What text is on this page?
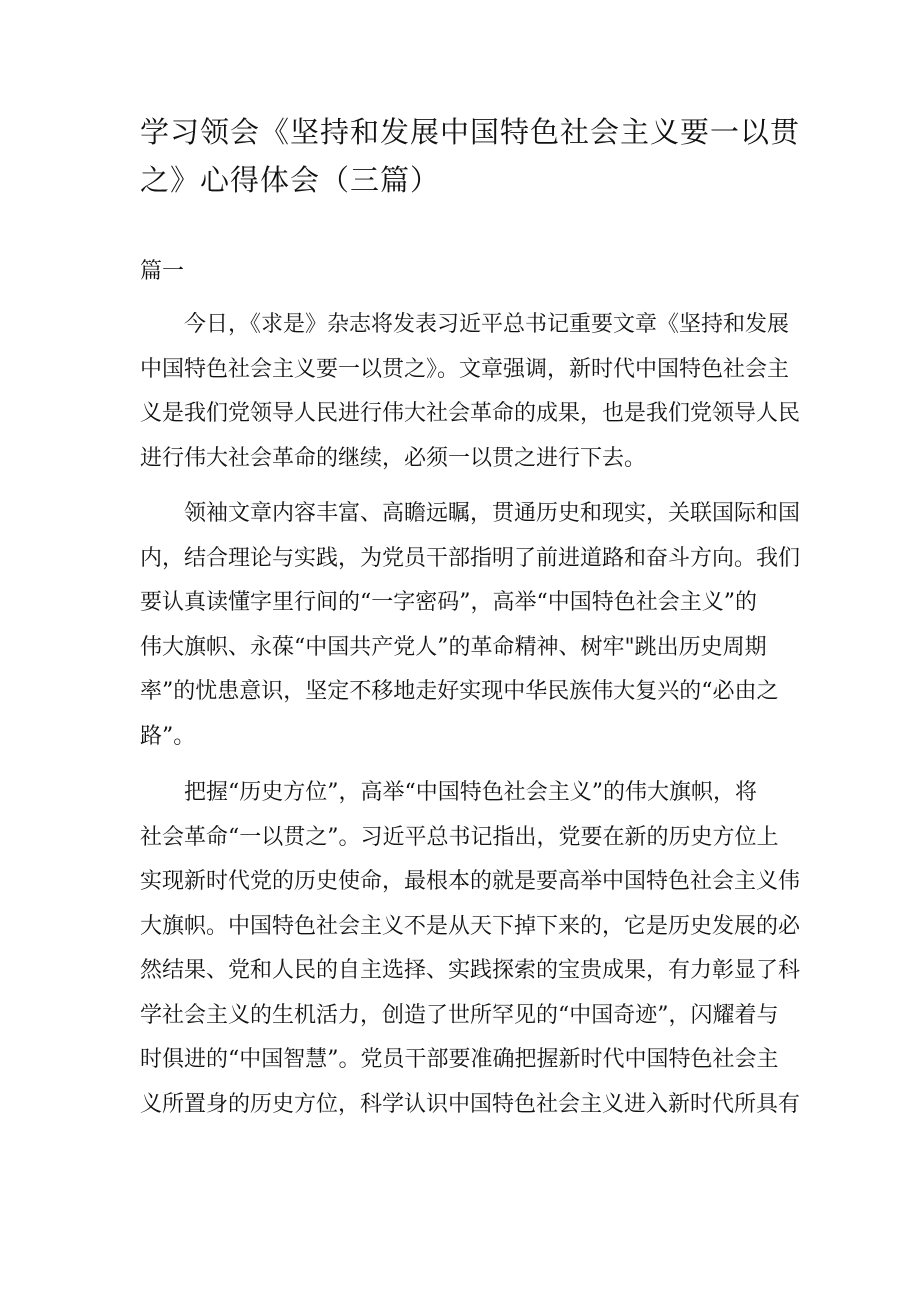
学习领会《坚持和发展中国特色社会主义要一以贯
之》心得体会（三篇）
篇一

今日，《求是》杂志将发表习近平总书记重要文章《坚持和发展
中国特色社会主义要一以贯之》。文章强调，新时代中国特色社会主
义是我们党领导人民进行伟大社会革命的成果，也是我们党领导人民
进行伟大社会革命的继续，必须一以贯之进行下去。

领袖文章内容丰富、高瞻远瞩，贯通历史和现实，关联国际和国
内，结合理论与实践，为党员干部指明了前进道路和奋斗方向。我们
要认真读懂字里行间的“一字密码”，高举“中国特色社会主义”的
伟大旗帜、永葆“中国共产党人”的革命精神、树牢"跳出历史周期
率”的忧患意识，坚定不移地走好实现中华民族伟大复兴的“必由之
路”。

把握“历史方位”，高举“中国特色社会主义”的伟大旗帜，将
社会革命“一以贯之”。习近平总书记指出，党要在新的历史方位上
实现新时代党的历史使命，最根本的就是要高举中国特色社会主义伟
大旗帜。中国特色社会主义不是从天下掉下来的，它是历史发展的必
然结果、党和人民的自主选择、实践探索的宝贵成果，有力彰显了科
学社会主义的生机活力，创造了世所罕见的“中国奇迹”，闪耀着与
时俱进的“中国智慧”。党员干部要准确把握新时代中国特色社会主
义所置身的历史方位，科学认识中国特色社会主义进入新时代所具有
